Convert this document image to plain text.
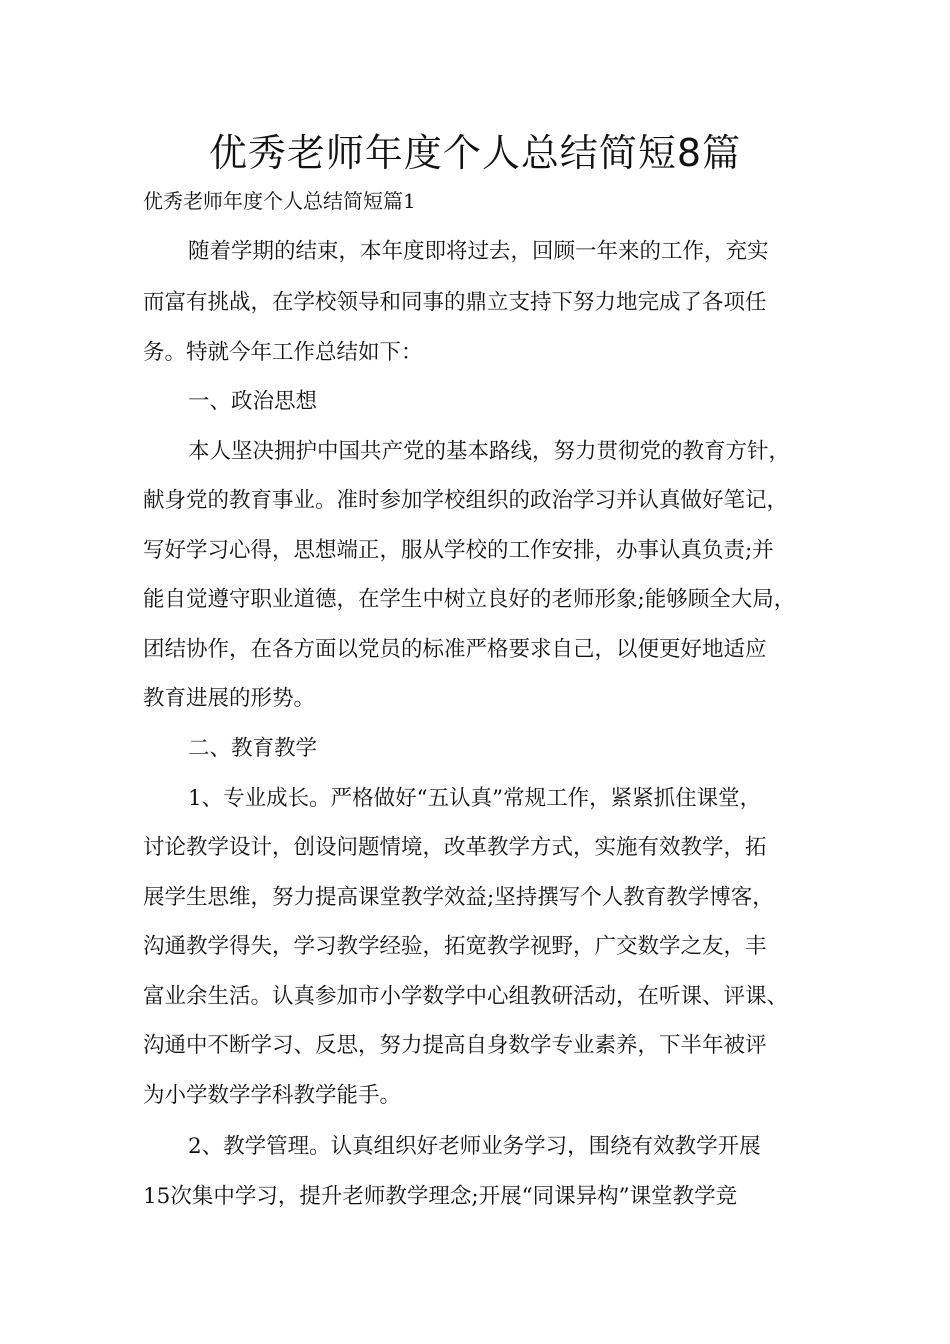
优秀老师年度个人总结简短8篇

优秀老师年度个人总结简短篇1

随着学期的结束，本年度即将过去，回顾一年来的工作，充实

而富有挑战，在学校领导和同事的鼎立支持下努力地完成了各项任

务。特就今年工作总结如下：

一、政治思想

本人坚决拥护中国共产党的基本路线，努力贯彻党的教育方针，

献身党的教育事业。准时参加学校组织的政治学习并认真做好笔记，

写好学习心得，思想端正，服从学校的工作安排，办事认真负责;并

能自觉遵守职业道德，在学生中树立良好的老师形象;能够顾全大局，

团结协作，在各方面以党员的标准严格要求自己，以便更好地适应

教育进展的形势。

二、教育教学

1、专业成长。严格做好“五认真”常规工作，紧紧抓住课堂，

讨论教学设计，创设问题情境，改革教学方式，实施有效教学，拓

展学生思维，努力提高课堂教学效益;坚持撰写个人教育教学博客，

沟通教学得失，学习教学经验，拓宽教学视野，广交数学之友，丰

富业余生活。认真参加市小学数学中心组教研活动，在听课、评课、

沟通中不断学习、反思，努力提高自身数学专业素养，下半年被评

为小学数学学科教学能手。

2、教学管理。认真组织好老师业务学习，围绕有效教学开展

15次集中学习，提升老师教学理念;开展“同课异构”课堂教学竞
